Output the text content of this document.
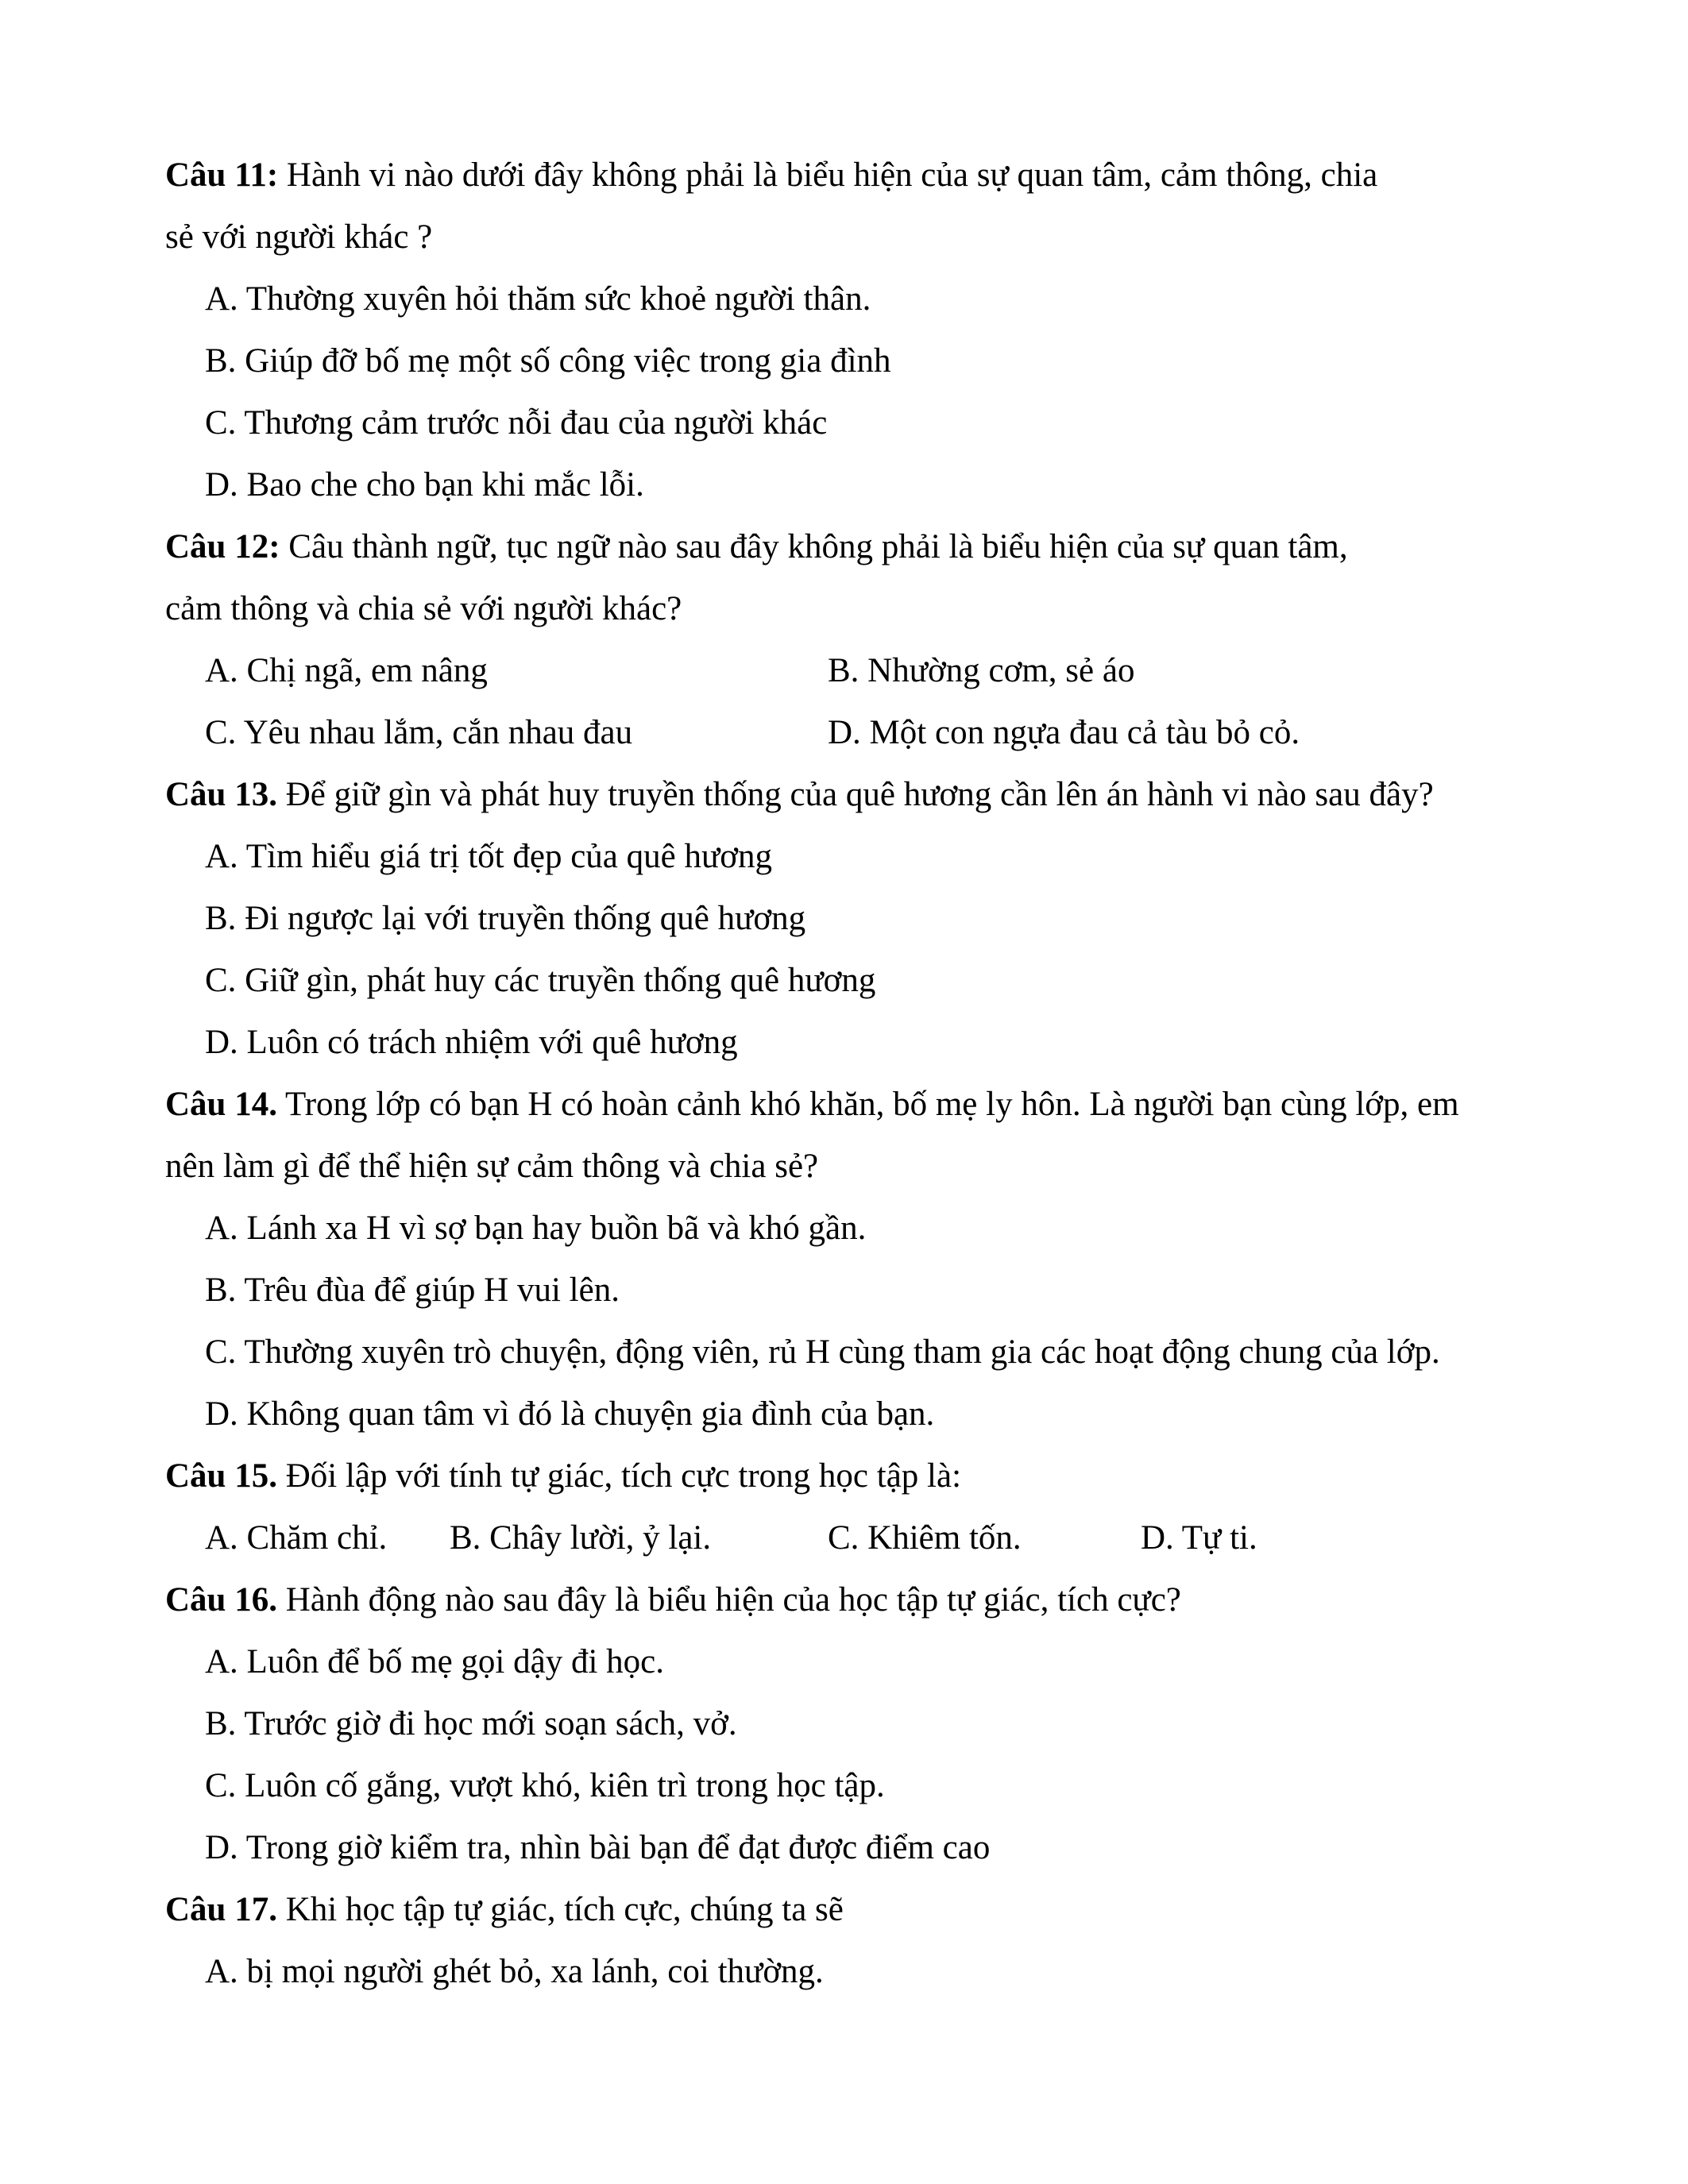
Câu 11: Hành vi nào dưới đây không phải là biểu hiện của sự quan tâm, cảm thông, chia
sẻ với người khác ?
A. Thường xuyên hỏi thăm sức khoẻ người thân.
B. Giúp đỡ bố mẹ một số công việc trong gia đình
C. Thương cảm trước nỗi đau của người khác
D. Bao che cho bạn khi mắc lỗi.
Câu 12: Câu thành ngữ, tục ngữ nào sau đây không phải là biểu hiện của sự quan tâm,
cảm thông và chia sẻ với người khác?
A. Chị ngã, em nâng	B. Nhường cơm, sẻ áo
C. Yêu nhau lắm, cắn nhau đau	D. Một con ngựa đau cả tàu bỏ cỏ.
Câu 13. Để giữ gìn và phát huy truyền thống của quê hương cần lên án hành vi nào sau đây?
A. Tìm hiểu giá trị tốt đẹp của quê hương
B. Đi ngược lại với truyền thống quê hương
C. Giữ gìn, phát huy các truyền thống quê hương
D. Luôn có trách nhiệm với quê hương
Câu 14. Trong lớp có bạn H có hoàn cảnh khó khăn, bố mẹ ly hôn. Là người bạn cùng lớp, em
nên làm gì để thể hiện sự cảm thông và chia sẻ?
A. Lánh xa H vì sợ bạn hay buồn bã và khó gần.
B. Trêu đùa để giúp H vui lên.
C. Thường xuyên trò chuyện, động viên, rủ H cùng tham gia các hoạt động chung của lớp.
D. Không quan tâm vì đó là chuyện gia đình của bạn.
Câu 15. Đối lập với tính tự giác, tích cực trong học tập là:
A. Chăm chỉ. B. Chây lười, ỷ lại.	C. Khiêm tốn.	D. Tự ti.
Câu 16. Hành động nào sau đây là biểu hiện của học tập tự giác, tích cực?
A. Luôn để bố mẹ gọi dậy đi học.
B. Trước giờ đi học mới soạn sách, vở.
C. Luôn cố gắng, vượt khó, kiên trì trong học tập.
D. Trong giờ kiểm tra, nhìn bài bạn để đạt được điểm cao
Câu 17. Khi học tập tự giác, tích cực, chúng ta sẽ
A. bị mọi người ghét bỏ, xa lánh, coi thường.
